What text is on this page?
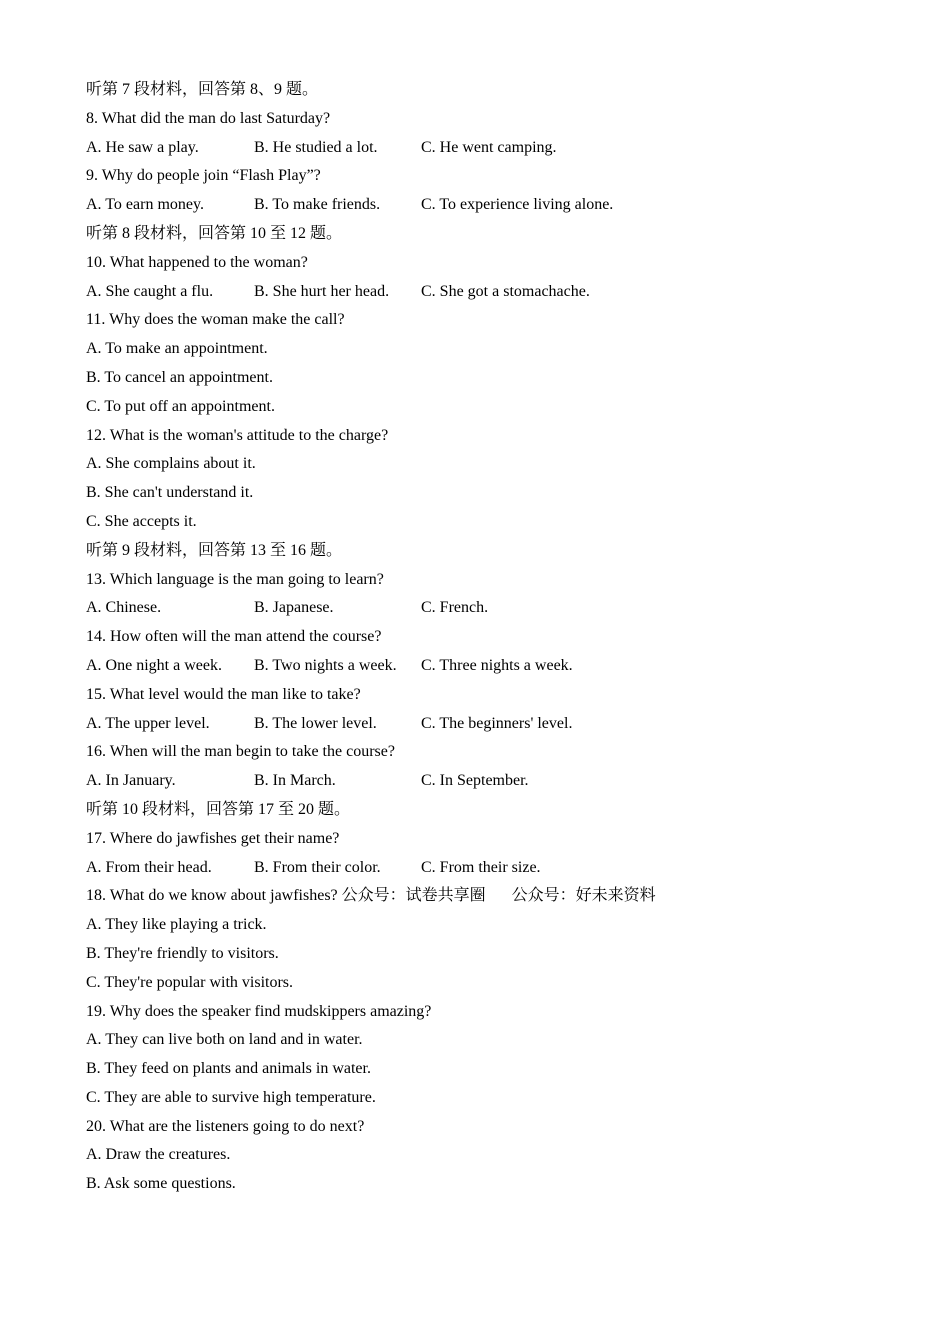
听第 7 段材料，回答第 8、9 题。
8. What did the man do last Saturday?
A. He saw a play.	B. He studied a lot.	C. He went camping.
9. Why do people join “Flash Play”?
A. To earn money.	B. To make friends.	C. To experience living alone.
听第 8 段材料，回答第 10 至 12 题。
10. What happened to the woman?
A. She caught a flu.	B. She hurt her head.	C. She got a stomachache.
11. Why does the woman make the call?
A. To make an appointment.
B. To cancel an appointment.
C. To put off an appointment.
12. What is the woman's attitude to the charge?
A. She complains about it.
B. She can't understand it.
C. She accepts it.
听第 9 段材料，回答第 13 至 16 题。
13. Which language is the man going to learn?
A. Chinese.	B. Japanese.	C. French.
14. How often will the man attend the course?
A. One night a week.	B. Two nights a week.	C. Three nights a week.
15. What level would the man like to take?
A. The upper level.	B. The lower level.	C. The beginners' level.
16. When will the man begin to take the course?
A. In January.	B. In March.	C. In September.
听第 10 段材料，回答第 17 至 20 题。
17. Where do jawfishes get their name?
A. From their head.	B. From their color.	C. From their size.
18. What do we know about jawfishes? 公众号：试卷共享圈 公众号：好未来资料
A. They like playing a trick.
B. They're friendly to visitors.
C. They're popular with visitors.
19. Why does the speaker find mudskippers amazing?
A. They can live both on land and in water.
B. They feed on plants and animals in water.
C. They are able to survive high temperature.
20. What are the listeners going to do next?
A. Draw the creatures.
B. Ask some questions.
